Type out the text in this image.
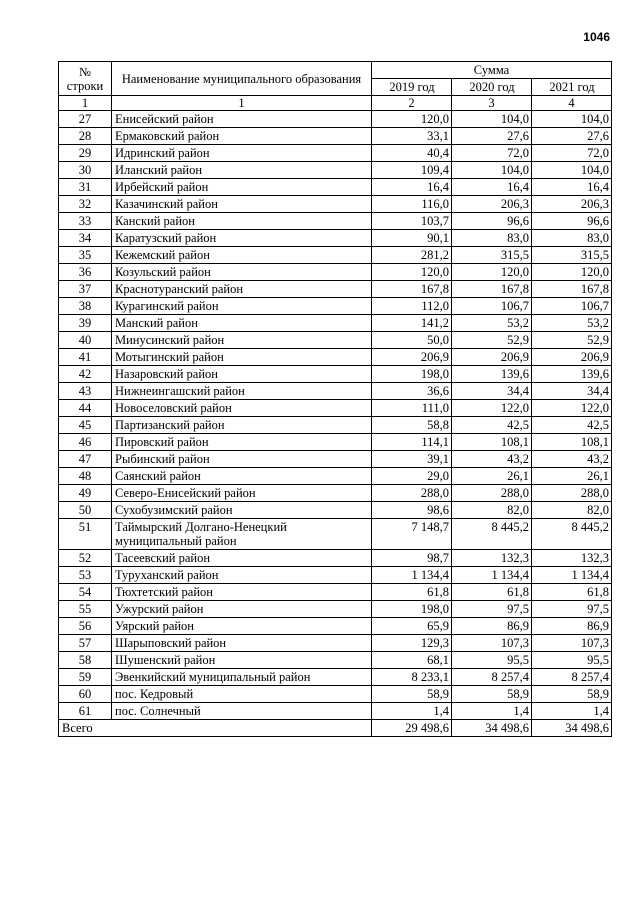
1046
№ строки	Наименование муниципального образования	Сумма		
		2019 год	2020 год	2021 год
1	1	2	3	4
27	Енисейский район	120,0	104,0	104,0
28	Ермаковский район	33,1	27,6	27,6
29	Идринский район	40,4	72,0	72,0
30	Иланский район	109,4	104,0	104,0
31	Ирбейский район	16,4	16,4	16,4
32	Казачинский район	116,0	206,3	206,3
33	Канский район	103,7	96,6	96,6
34	Каратузский район	90,1	83,0	83,0
35	Кежемский район	281,2	315,5	315,5
36	Козульский район	120,0	120,0	120,0
37	Краснотуранский район	167,8	167,8	167,8
38	Курагинский район	112,0	106,7	106,7
39	Манский район	141,2	53,2	53,2
40	Минусинский район	50,0	52,9	52,9
41	Мотыгинский район	206,9	206,9	206,9
42	Назаровский район	198,0	139,6	139,6
43	Нижнеингашский район	36,6	34,4	34,4
44	Новоселовский район	111,0	122,0	122,0
45	Партизанский район	58,8	42,5	42,5
46	Пировский район	114,1	108,1	108,1
47	Рыбинский район	39,1	43,2	43,2
48	Саянский район	29,0	26,1	26,1
49	Северо-Енисейский район	288,0	288,0	288,0
50	Сухобузимский район	98,6	82,0	82,0
51	Таймырский Долгано-Ненецкий муниципальный район	7 148,7	8 445,2	8 445,2
52	Тасеевский район	98,7	132,3	132,3
53	Туруханский район	1 134,4	1 134,4	1 134,4
54	Тюхтетский район	61,8	61,8	61,8
55	Ужурский район	198,0	97,5	97,5
56	Уярский район	65,9	86,9	86,9
57	Шарыповский район	129,3	107,3	107,3
58	Шушенский район	68,1	95,5	95,5
59	Эвенкийский муниципальный район	8 233,1	8 257,4	8 257,4
60	пос. Кедровый	58,9	58,9	58,9
61	пос. Солнечный	1,4	1,4	1,4
Всего		29 498,6	34 498,6	34 498,6
